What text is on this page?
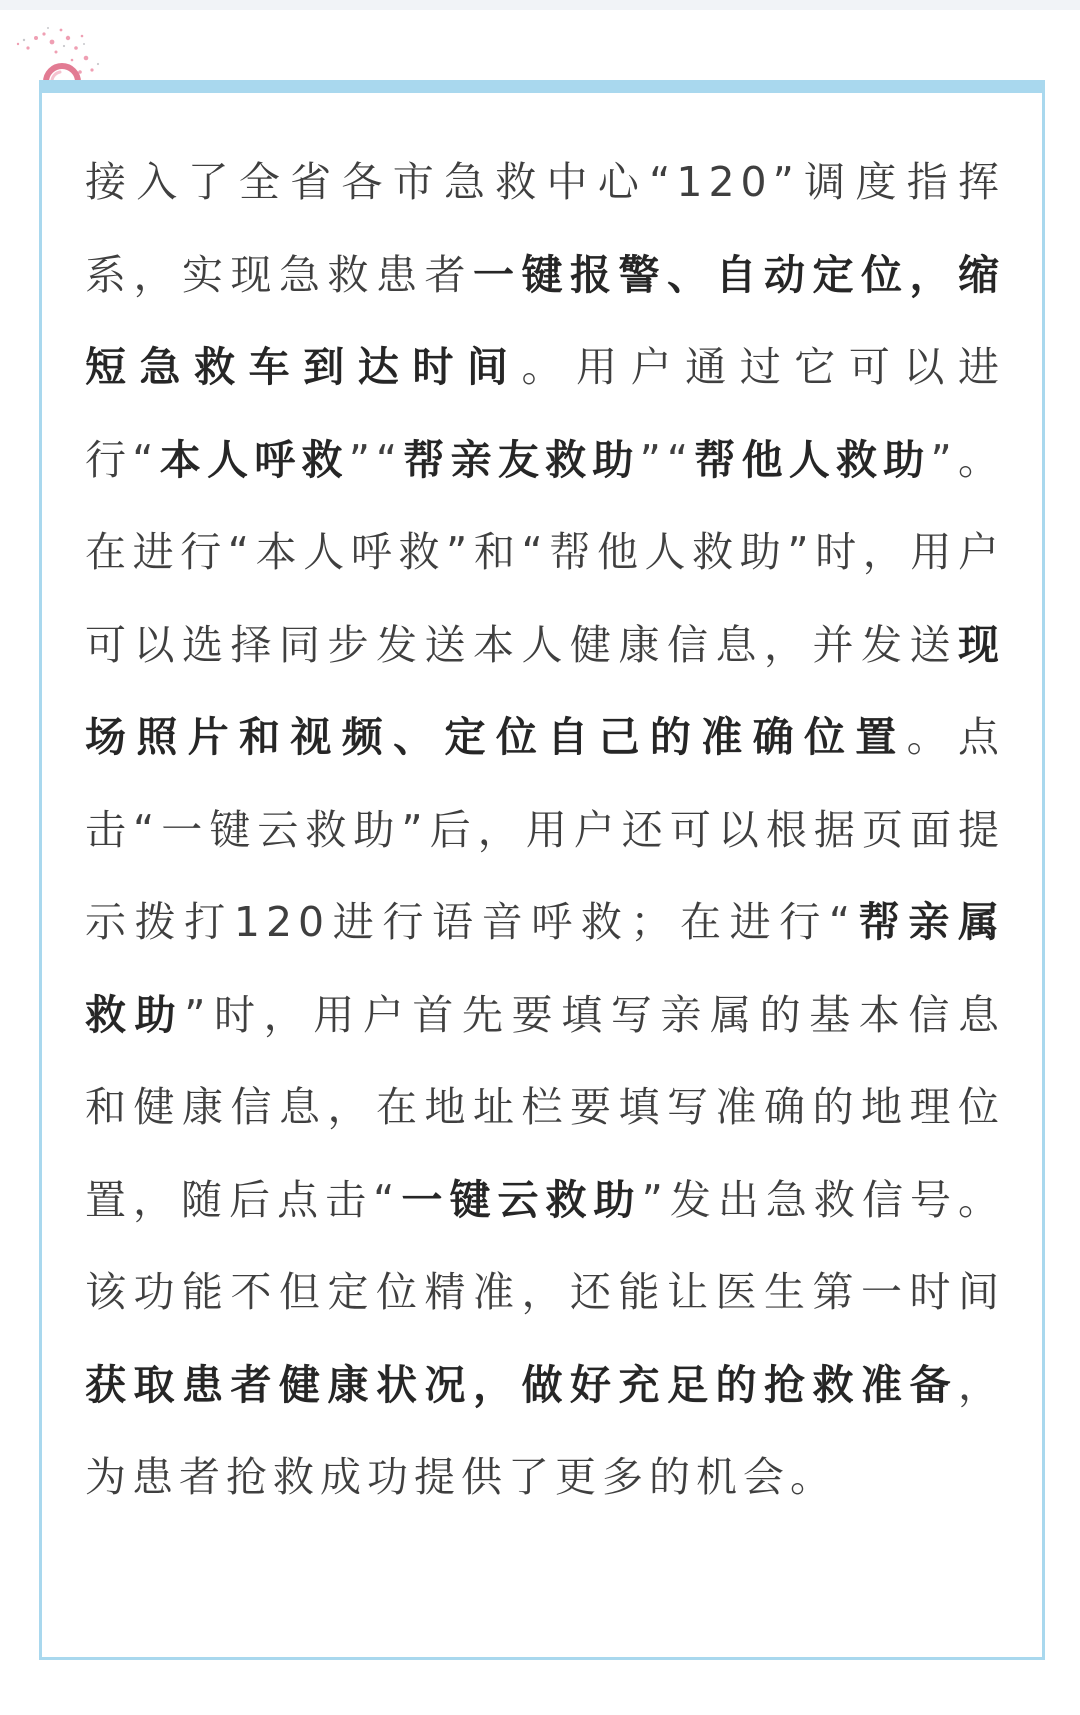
接入了全省各市急救中心“120”调度指挥系，实现急救患者一键报警、自动定位，缩短急救车到达时间。用户通过它可以进行“本人呼救”“帮亲友救助”“帮他人救助”。在进行“本人呼救”和“帮他人救助”时，用户可以选择同步发送本人健康信息，并发送现场照片和视频、定位自己的准确位置。点击“一键云救助”后，用户还可以根据页面提示拨打120进行语音呼救；在进行“帮亲属救助”时，用户首先要填写亲属的基本信息和健康信息，在地址栏要填写准确的地理位置，随后点击“一键云救助”发出急救信号。该功能不但定位精准，还能让医生第一时间获取患者健康状况，做好充足的抢救准备，为患者抢救成功提供了更多的机会。
